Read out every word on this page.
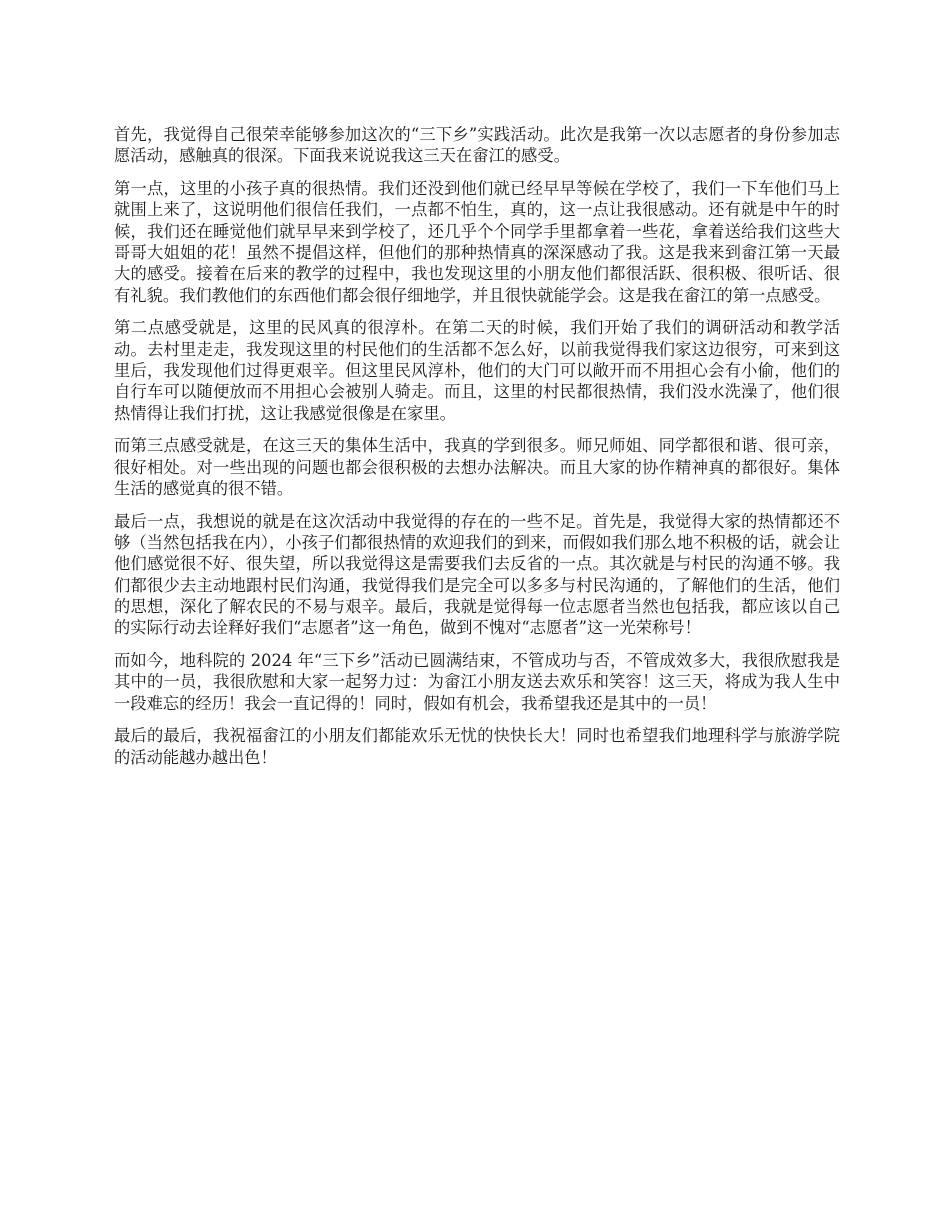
首先，我觉得自己很荣幸能够参加这次的“三下乡”实践活动。此次是我第一次以志愿者的身份参加志愿活动，感触真的很深。下面我来说说我这三天在畲江的感受。

第一点，这里的小孩子真的很热情。我们还没到他们就已经早早等候在学校了，我们一下车他们马上就围上来了，这说明他们很信任我们，一点都不怕生，真的，这一点让我很感动。还有就是中午的时候，我们还在睡觉他们就早早来到学校了，还几乎个个同学手里都拿着一些花，拿着送给我们这些大哥哥大姐姐的花！虽然不提倡这样，但他们的那种热情真的深深感动了我。这是我来到畲江第一天最大的感受。接着在后来的教学的过程中，我也发现这里的小朋友他们都很活跃、很积极、很听话、很有礼貌。我们教他们的东西他们都会很仔细地学，并且很快就能学会。这是我在畲江的第一点感受。

第二点感受就是，这里的民风真的很淳朴。在第二天的时候，我们开始了我们的调研活动和教学活动。去村里走走，我发现这里的村民他们的生活都不怎么好，以前我觉得我们家这边很穷，可来到这里后，我发现他们过得更艰辛。但这里民风淳朴，他们的大门可以敞开而不用担心会有小偷，他们的自行车可以随便放而不用担心会被别人骑走。而且，这里的村民都很热情，我们没水洗澡了，他们很热情得让我们打扰，这让我感觉很像是在家里。

而第三点感受就是，在这三天的集体生活中，我真的学到很多。师兄师姐、同学都很和谐、很可亲，很好相处。对一些出现的问题也都会很积极的去想办法解决。而且大家的协作精神真的都很好。集体生活的感觉真的很不错。

最后一点，我想说的就是在这次活动中我觉得的存在的一些不足。首先是，我觉得大家的热情都还不够（当然包括我在内），小孩子们都很热情的欢迎我们的到来，而假如我们那么地不积极的话，就会让他们感觉很不好、很失望，所以我觉得这是需要我们去反省的一点。其次就是与村民的沟通不够。我们都很少去主动地跟村民们沟通，我觉得我们是完全可以多多与村民沟通的，了解他们的生活，他们的思想，深化了解农民的不易与艰辛。最后，我就是觉得每一位志愿者当然也包括我，都应该以自己的实际行动去诠释好我们“志愿者”这一角色，做到不愧对“志愿者”这一光荣称号！

而如今，地科院的 2024 年“三下乡”活动已圆满结束，不管成功与否，不管成效多大，我很欣慰我是其中的一员，我很欣慰和大家一起努力过：为畲江小朋友送去欢乐和笑容！这三天，将成为我人生中一段难忘的经历！我会一直记得的！同时，假如有机会，我希望我还是其中的一员！

最后的最后，我祝福畲江的小朋友们都能欢乐无忧的快快长大！同时也希望我们地理科学与旅游学院的活动能越办越出色！
